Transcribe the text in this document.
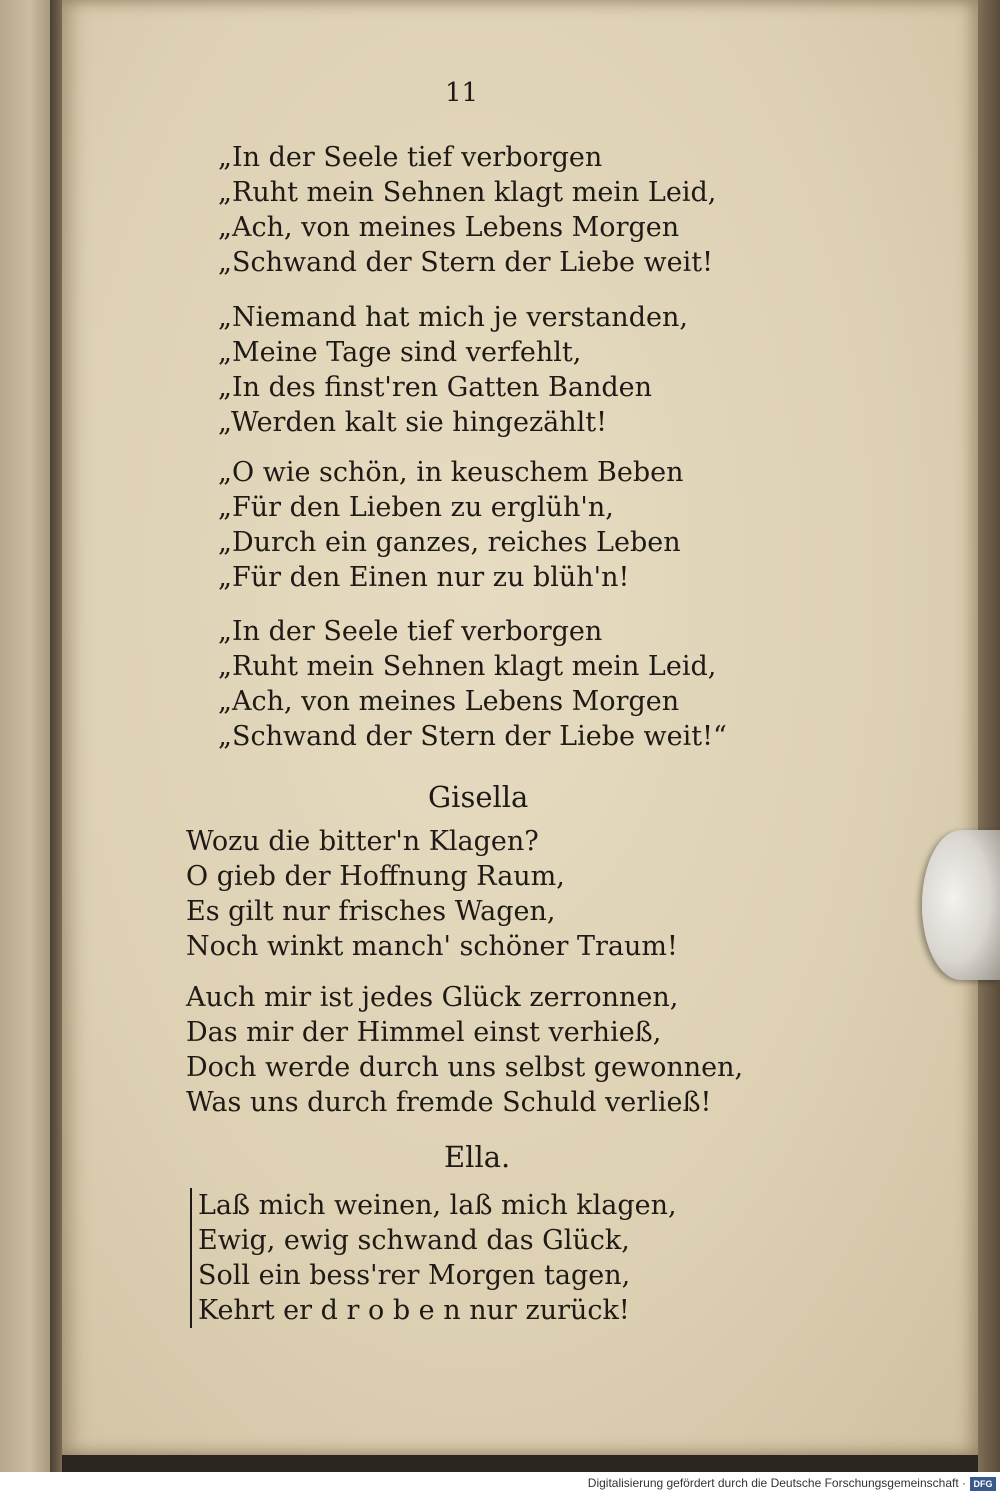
11
„In der Seele tief verborgen
„Ruht mein Sehnen klagt mein Leid,
„Ach, von meines Lebens Morgen
„Schwand der Stern der Liebe weit!
„Niemand hat mich je verstanden,
„Meine Tage sind verfehlt,
„In des finst'ren Gatten Banden
„Werden kalt sie hingezählt!
„O wie schön, in keuschem Beben
„Für den Lieben zu erglüh'n,
„Durch ein ganzes, reiches Leben
„Für den Einen nur zu blüh'n!
„In der Seele tief verborgen
„Ruht mein Sehnen klagt mein Leid,
„Ach, von meines Lebens Morgen
„Schwand der Stern der Liebe weit!“
Gisella
Wozu die bitter'n Klagen?
O gieb der Hoffnung Raum,
Es gilt nur frisches Wagen,
Noch winkt manch' schöner Traum!
Auch mir ist jedes Glück zerronnen,
Das mir der Himmel einst verhieß,
Doch werde durch uns selbst gewonnen,
Was uns durch fremde Schuld verließ!
Ella.
Laß mich weinen, laß mich klagen,
Ewig, ewig schwand das Glück,
Soll ein bess'rer Morgen tagen,
Kehrt er d r o b e n nur zurück!
Digitalisierung gefördert durch die Deutsche Forschungsgemeinschaft · DFG
